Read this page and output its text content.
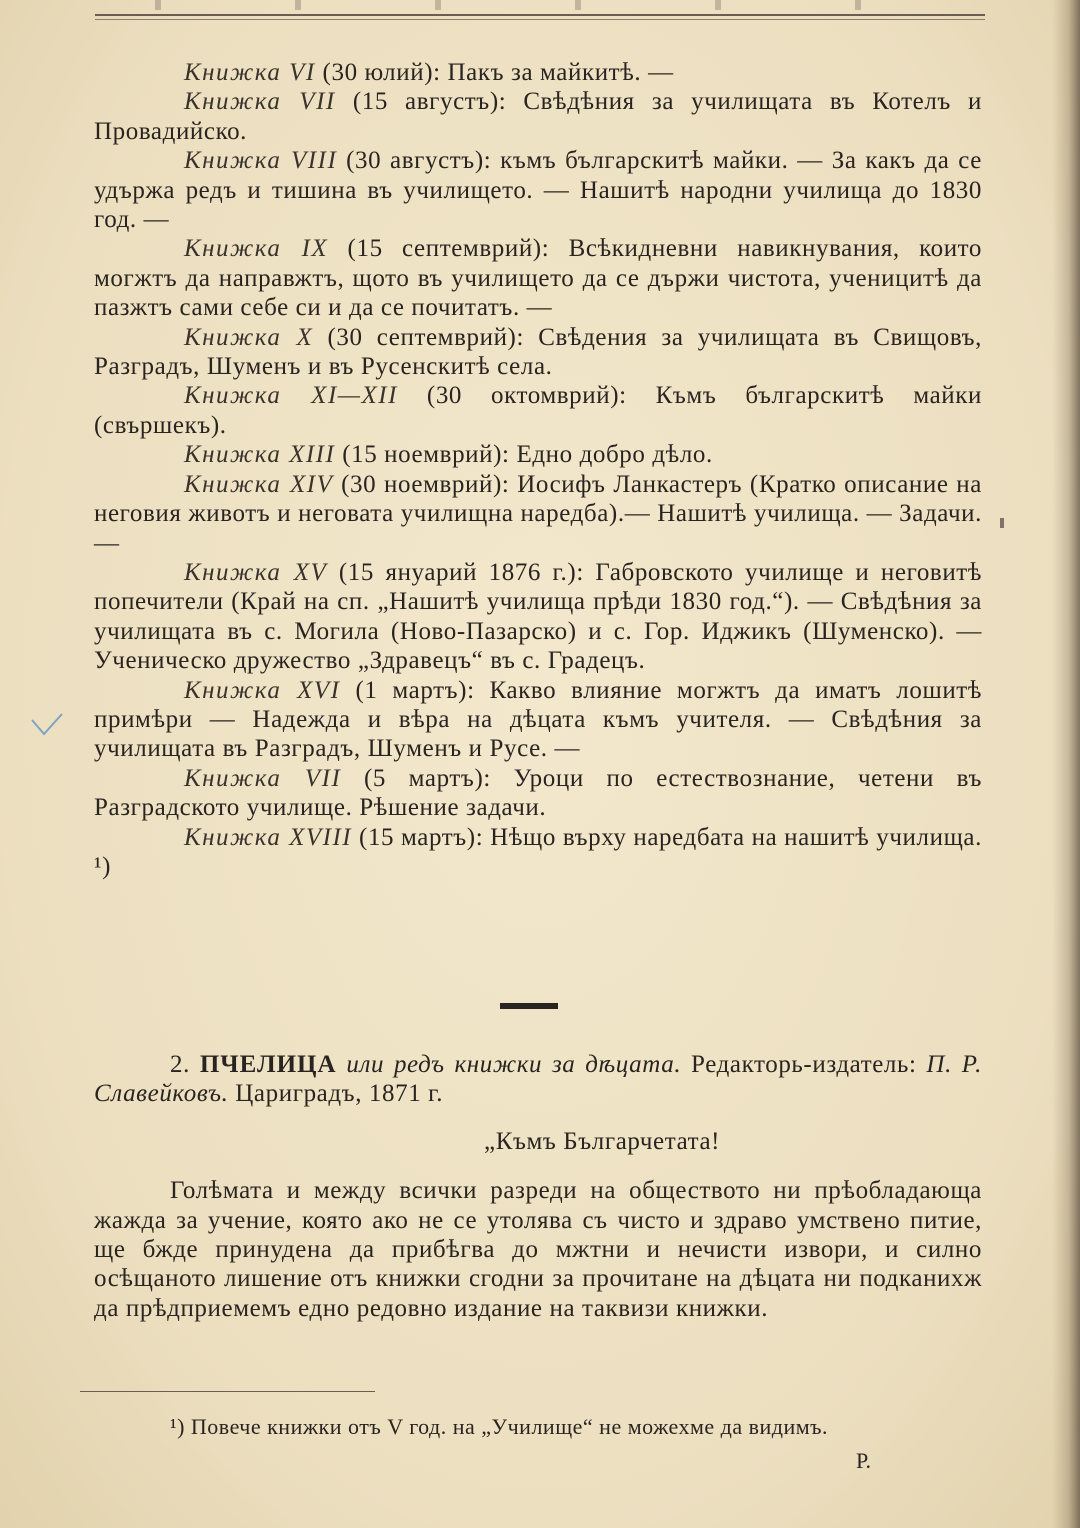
Книжка VI (30 юлий): Пакъ за майкитѣ. —

Книжка VII (15 августъ): Свѣдѣния за училищата въ Котелъ и Провадийско.

Книжка VIII (30 августъ): къмъ българскитѣ майки. — За какъ да се удържа редъ и тишина въ училището. — Нашитѣ народни училища до 1830 год. —

Книжка IX (15 септемврий): Всѣкидневни навикнувания, които могжтъ да направжтъ, щото въ училището да се държи чистота, ученицитѣ да пазжтъ сами себе си и да се почитатъ. —

Книжка X (30 септемврий): Свѣдения за училищата въ Свищовъ, Разградъ, Шуменъ и въ Русенскитѣ села.

Книжка XI—XII (30 октомврий): Къмъ българскитѣ майки (свършекъ).

Книжка XIII (15 ноемврий): Едно добро дѣло.

Книжка XIV (30 ноемврий): Иосифъ Ланкастеръ (Кратко описание на неговия животъ и неговата училищна наредба).— Нашитѣ училища. — Задачи. —

Книжка XV (15 януарий 1876 г.): Габровското училище и неговитѣ попечители (Край на сп. „Нашитѣ училища прѣди 1830 год.“). — Свѣдѣния за училищата въ с. Могила (Ново-Пазарско) и с. Гор. Иджикъ (Шуменско). — Ученическо дружество „Здравецъ“ въ с. Градецъ.

Книжка XVI (1 мартъ): Какво влияние могжтъ да иматъ лошитѣ примѣри — Надежда и вѣра на дѣцата къмъ учителя. — Свѣдѣния за училищата въ Разградъ, Шуменъ и Русе. —

Книжка VII (5 мартъ): Уроци по естествознание, четени въ Разградското училище. Рѣшение задачи.

Книжка XVIII (15 мартъ): Нѣщо върху наредбата на нашитѣ училища. ¹)

2. ПЧЕЛИЦА или редъ книжки за дѣцата. Редакторь-издатель: П. Р. Славейковъ. Цариградъ, 1871 г.

„Къмъ Българчетата!

Голѣмата и между всички разреди на обществото ни прѣобладающа жажда за учение, която ако не се утолява съ чисто и здраво умствено питие, ще бжде принудена да прибѣгва до мжтни и нечисти извори, и силно осѣщаното лишение отъ книжки сгодни за прочитане на дѣцата ни подканихж да прѣдприемемъ едно редовно издание на таквизи книжки.

¹) Повече книжки отъ V год. на „Училище“ не можехме да видимъ.

Р.
